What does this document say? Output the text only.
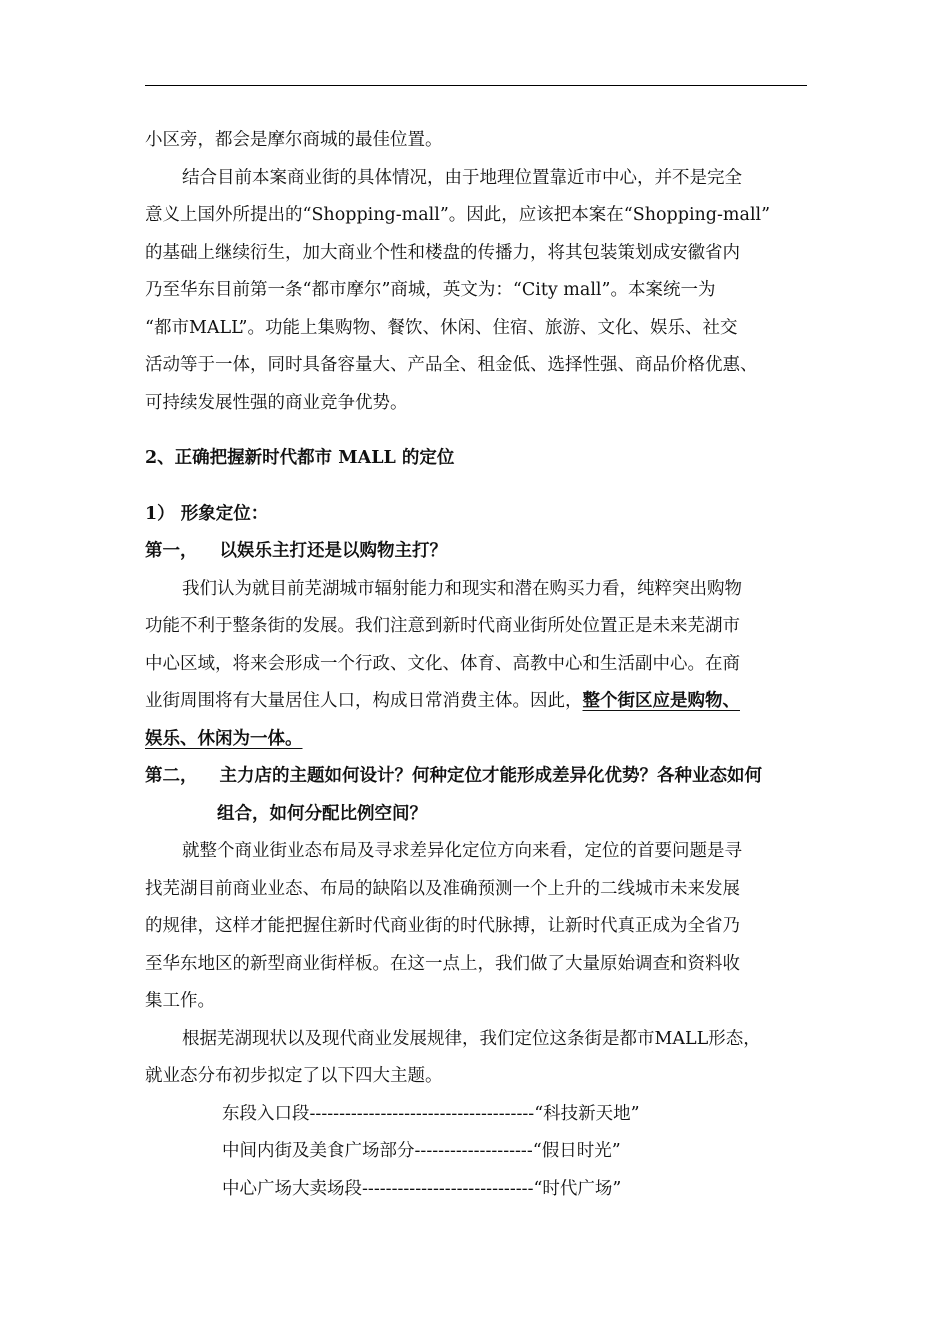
小区旁，都会是摩尔商城的最佳位置。
结合目前本案商业街的具体情况，由于地理位置靠近市中心，并不是完全
意义上国外所提出的“Shopping-mall”。因此，应该把本案在“Shopping-mall”
的基础上继续衍生，加大商业个性和楼盘的传播力，将其包装策划成安徽省内
乃至华东目前第一条“都市摩尔”商城，英文为：“City mall”。本案统一为
“都市MALL”。功能上集购物、餐饮、休闲、住宿、旅游、文化、娱乐、社交
活动等于一体，同时具备容量大、产品全、租金低、选择性强、商品价格优惠、
可持续发展性强的商业竞争优势。
2、正确把握新时代都市 MALL 的定位
1） 形象定位：
第一， 以娱乐主打还是以购物主打？
我们认为就目前芜湖城市辐射能力和现实和潜在购买力看，纯粹突出购物
功能不利于整条街的发展。我们注意到新时代商业街所处位置正是未来芜湖市
中心区域，将来会形成一个行政、文化、体育、高教中心和生活副中心。在商
业街周围将有大量居住人口，构成日常消费主体。因此，整个街区应是购物、
娱乐、休闲为一体。
第二， 主力店的主题如何设计？何种定位才能形成差异化优势？各种业态如何
组合，如何分配比例空间？
就整个商业街业态布局及寻求差异化定位方向来看，定位的首要问题是寻
找芜湖目前商业业态、布局的缺陷以及准确预测一个上升的二线城市未来发展
的规律，这样才能把握住新时代商业街的时代脉搏，让新时代真正成为全省乃
至华东地区的新型商业街样板。在这一点上，我们做了大量原始调查和资料收
集工作。
根据芜湖现状以及现代商业发展规律，我们定位这条街是都市MALL形态，
就业态分布初步拟定了以下四大主题。
东段入口段--------------------------------------“科技新天地”
中间内街及美食广场部分--------------------“假日时光”
中心广场大卖场段-----------------------------“时代广场”
